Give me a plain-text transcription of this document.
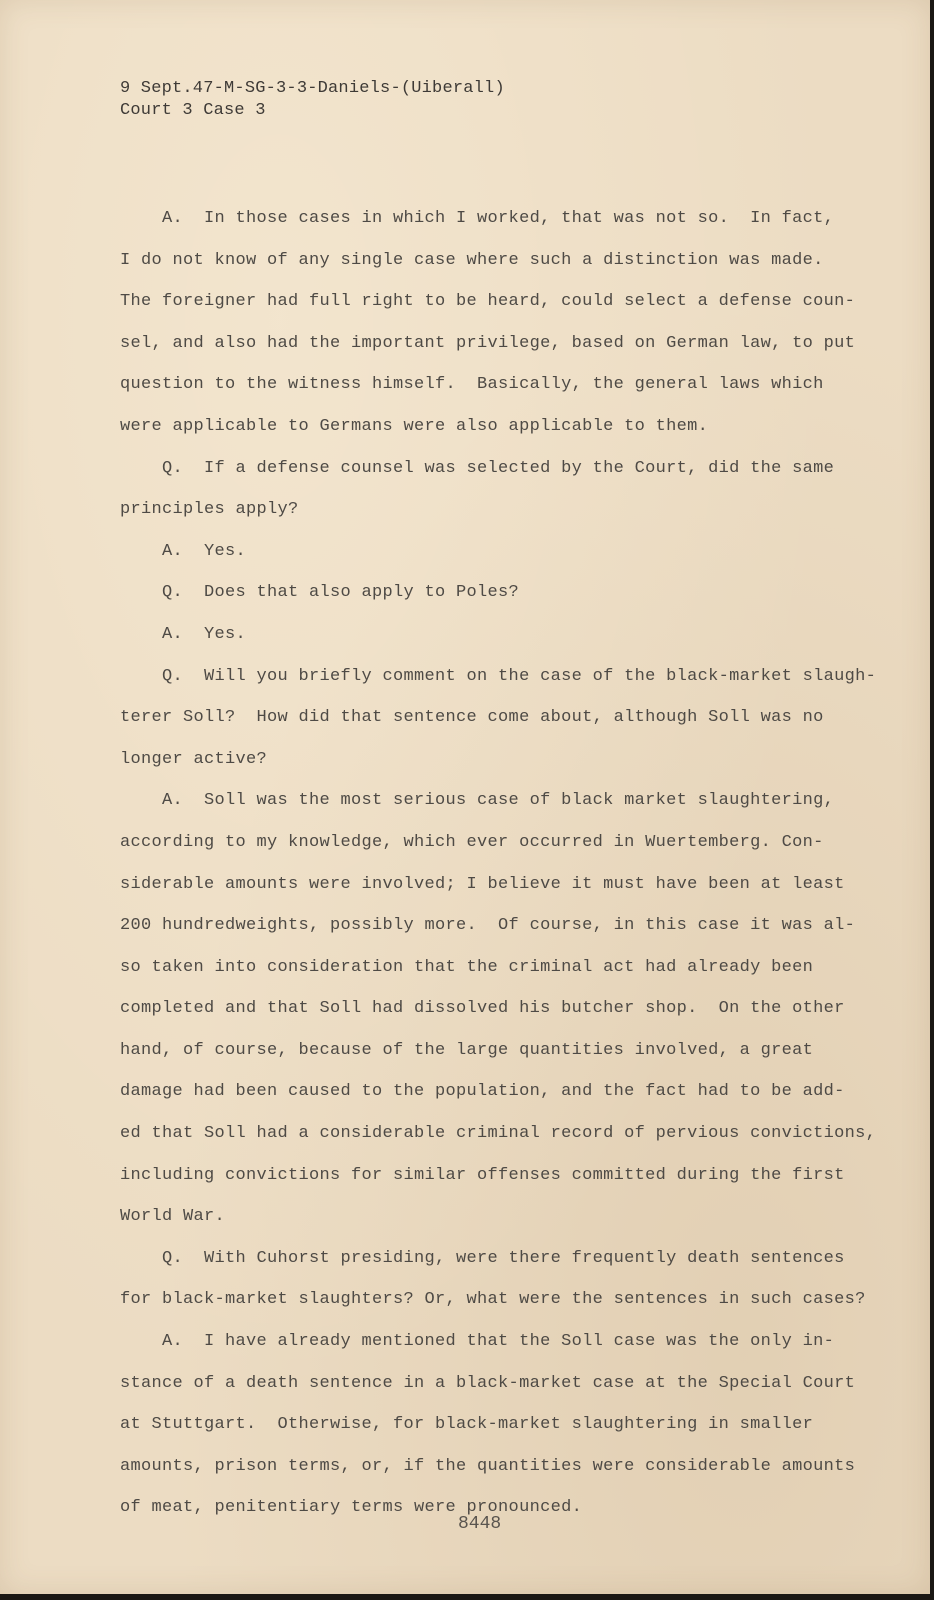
9 Sept.47-M-SG-3-3-Daniels-(Uiberall)
Court 3 Case 3
A.  In those cases in which I worked, that was not so.  In fact,
I do not know of any single case where such a distinction was made.
The foreigner had full right to be heard, could select a defense coun-
sel, and also had the important privilege, based on German law, to put
question to the witness himself.  Basically, the general laws which
were applicable to Germans were also applicable to them.
Q.  If a defense counsel was selected by the Court, did the same
principles apply?
A.  Yes.
Q.  Does that also apply to Poles?
A.  Yes.
Q.  Will you briefly comment on the case of the black-market slaugh-
terer Soll?  How did that sentence come about, although Soll was no
longer active?
A.  Soll was the most serious case of black market slaughtering,
according to my knowledge, which ever occurred in Wuertemberg. Con-
siderable amounts were involved; I believe it must have been at least
200 hundredweights, possibly more.  Of course, in this case it was al-
so taken into consideration that the criminal act had already been
completed and that Soll had dissolved his butcher shop.  On the other
hand, of course, because of the large quantities involved, a great
damage had been caused to the population, and the fact had to be add-
ed that Soll had a considerable criminal record of pervious convictions,
including convictions for similar offenses committed during the first
World War.
Q.  With Cuhorst presiding, were there frequently death sentences
for black-market slaughters? Or, what were the sentences in such cases?
A.  I have already mentioned that the Soll case was the only in-
stance of a death sentence in a black-market case at the Special Court
at Stuttgart.  Otherwise, for black-market slaughtering in smaller
amounts, prison terms, or, if the quantities were considerable amounts
of meat, penitentiary terms were pronounced.
8448
